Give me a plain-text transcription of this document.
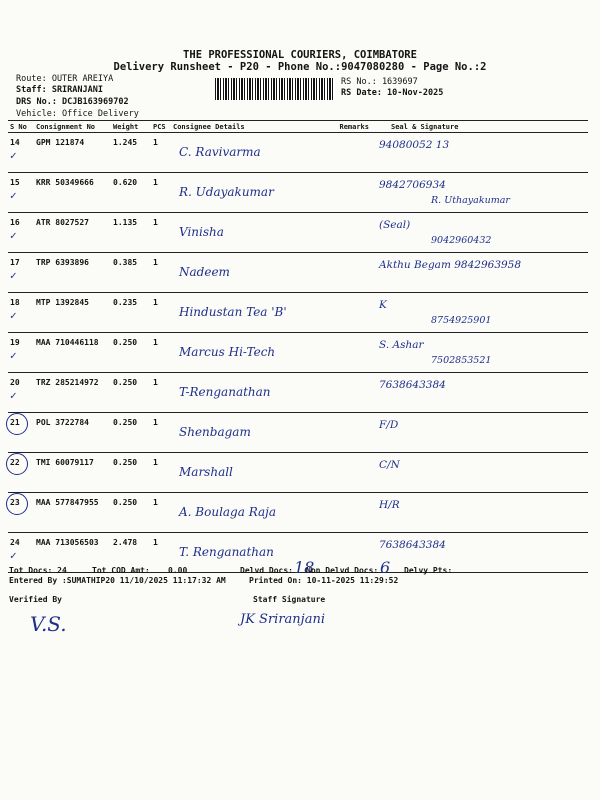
THE PROFESSIONAL COURIERS, COIMBATORE
Delivery Runsheet - P20 - Phone No.:9047080280 - Page No.:2
Route: OUTER AREIYA
Staff: SRIRANJANI
DRS No.: DCJB163969702
Vehicle: Office Delivery
RS No.: 1639697
RS Date: 10-Nov-2025
S No	Consignment No	Weight	PCS	Consignee Details	Remarks	Seal & Signature

✓
14	GPM 121874	1.245	1	C. Ravivarma		94080052 13

✓
15	KRR 50349666	0.620	1	R. Udayakumar		9842706934
R. Uthayakumar

✓
16	ATR 8027527	1.135	1	Vinisha		(Seal)
9042960432

✓
17	TRP 6393896	0.385	1	Nadeem		Akthu Begam 9842963958

✓
18	MTP 1392845	0.235	1	Hindustan Tea 'B'		K
8754925901

✓
19	MAA 710446118	0.250	1	Marcus Hi-Tech		S. Ashar
7502853521

✓
20	TRZ 285214972	0.250	1	T-Renganathan		7638643384

21	POL 3722784	0.250	1	Shenbagam		F/D

22	TMI 60079117	0.250	1	Marshall		C/N

23	MAA 577847955	0.250	1	A. Boulaga Raja		H/R

✓
24	MAA 713056503	2.478	1	T. Renganathan		7638643384
Tot Docs: 24	Tot COD Amt: 0.00	Delvd Docs: 18
Non Delvd Docs: 6 Delvy Pts:
Entered By :SUMATHIP20 11/10/2025 11:17:32 AM	Printed On: 10-11-2025 11:29:52
Verified By	Staff Signature
V.S.	JK Sriranjani
